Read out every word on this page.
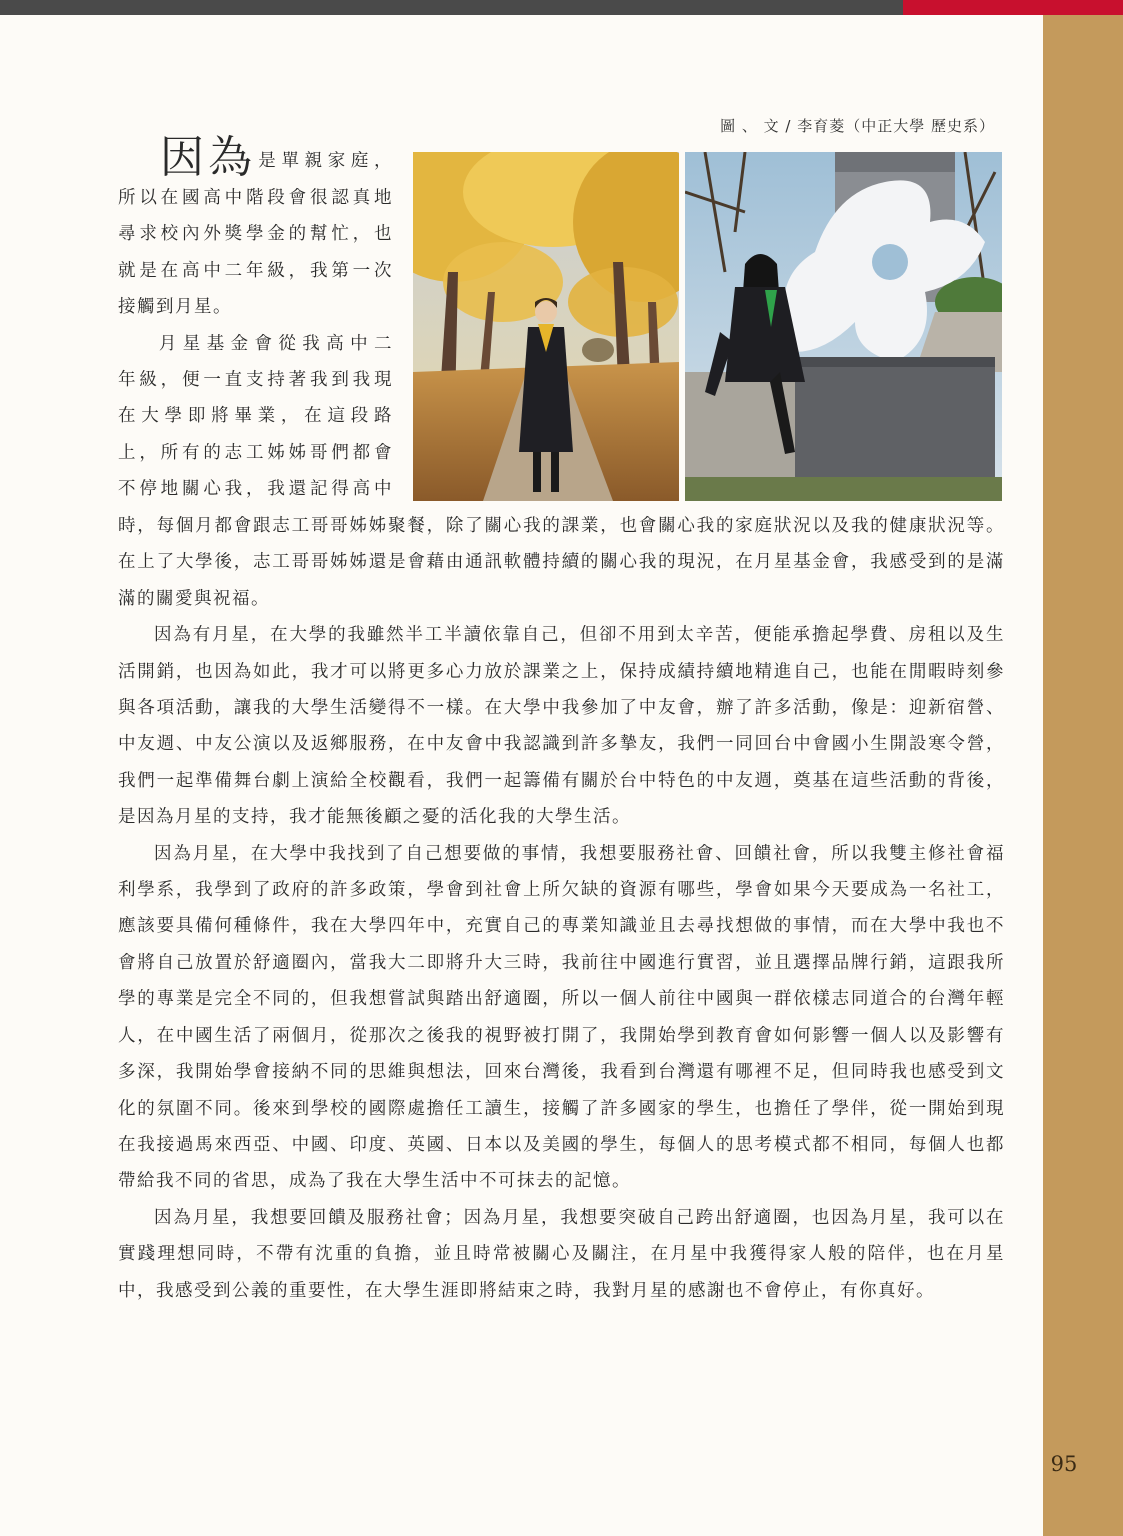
95
圖 、 文 / 李育菱（中正大學 歷史系）

因為 是單親家庭，

所以在國高中階段會很認真地

尋求校內外獎學金的幫忙，也

就是在高中二年級，我第一次

接觸到月星。

月星基金會從我高中二

年級，便一直支持著我到我現

在大學即將畢業，在這段路

上，所有的志工姊姊哥們都會

不停地關心我，我還記得高中

時，每個月都會跟志工哥哥姊姊聚餐，除了關心我的課業，也會關心我的家庭狀況以及我的健康狀況等。在上了大學後，志工哥哥姊姊還是會藉由通訊軟體持續的關心我的現況，在月星基金會，我感受到的是滿滿的關愛與祝福。

因為有月星，在大學的我雖然半工半讀依靠自己，但卻不用到太辛苦，便能承擔起學費、房租以及生活開銷，也因為如此，我才可以將更多心力放於課業之上，保持成績持續地精進自己，也能在閒暇時刻參與各項活動，讓我的大學生活變得不一樣。在大學中我參加了中友會，辦了許多活動，像是：迎新宿營、中友週、中友公演以及返鄉服務，在中友會中我認識到許多摯友，我們一同回台中會國小生開設寒令營，我們一起準備舞台劇上演給全校觀看，我們一起籌備有關於台中特色的中友週，奠基在這些活動的背後，是因為月星的支持，我才能無後顧之憂的活化我的大學生活。

因為月星，在大學中我找到了自己想要做的事情，我想要服務社會、回饋社會，所以我雙主修社會福利學系，我學到了政府的許多政策，學會到社會上所欠缺的資源有哪些，學會如果今天要成為一名社工，應該要具備何種條件，我在大學四年中，充實自己的專業知識並且去尋找想做的事情，而在大學中我也不會將自己放置於舒適圈內，當我大二即將升大三時，我前往中國進行實習，並且選擇品牌行銷，這跟我所學的專業是完全不同的，但我想嘗試與踏出舒適圈，所以一個人前往中國與一群依樣志同道合的台灣年輕人，在中國生活了兩個月，從那次之後我的視野被打開了，我開始學到教育會如何影響一個人以及影響有多深，我開始學會接納不同的思維與想法，回來台灣後，我看到台灣還有哪裡不足，但同時我也感受到文化的氛圍不同。後來到學校的國際處擔任工讀生，接觸了許多國家的學生，也擔任了學伴，從一開始到現在我接過馬來西亞、中國、印度、英國、日本以及美國的學生，每個人的思考模式都不相同，每個人也都帶給我不同的省思，成為了我在大學生活中不可抹去的記憶。

因為月星，我想要回饋及服務社會；因為月星，我想要突破自己跨出舒適圈，也因為月星，我可以在實踐理想同時，不帶有沈重的負擔，並且時常被關心及關注，在月星中我獲得家人般的陪伴，也在月星中，我感受到公義的重要性，在大學生涯即將結束之時，我對月星的感謝也不會停止，有你真好。
